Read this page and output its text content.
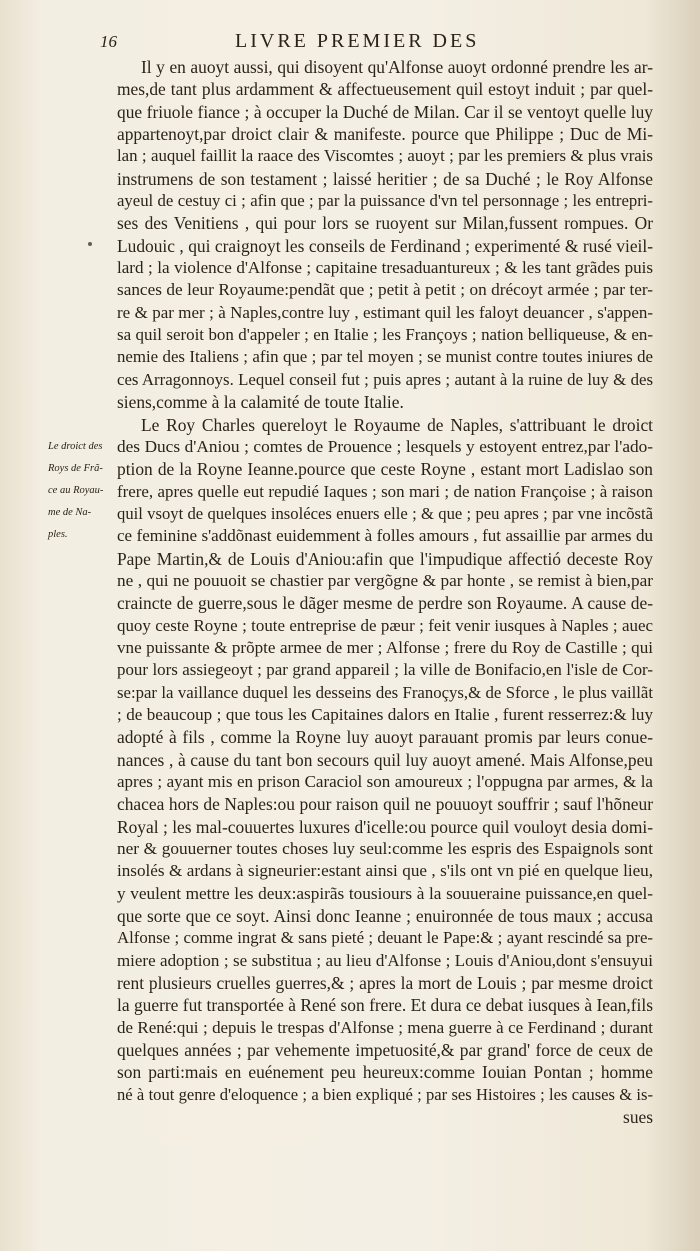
16	LIVRE PREMIER DES
Le droict des
Roys de Frã-
ce au Royau-
me de Na-
ples.
Il y en auoyt aussi, qui disoyent qu'Alfonse auoyt ordonné prendre les ar-
mes,de tant plus ardamment & affectueusement quil estoyt induit ; par quel-
que friuole fiance ; à occuper la Duché de Milan. Car il se ventoyt quelle luy
appartenoyt,par droict clair & manifeste. pource que Philippe ; Duc de Mi-
lan ; auquel faillit la raace des Viscomtes ; auoyt ; par les premiers & plus vrais
instrumens de son testament ; laissé heritier ; de sa Duché ; le Roy Alfonse
ayeul de cestuy ci ; afin que ; par la puissance d'vn tel personnage ; les entrepri-
ses des Venitiens , qui pour lors se ruoyent sur Milan,fussent rompues. Or
Ludouic , qui craignoyt les conseils de Ferdinand ; experimenté & rusé vieil-
lard ; la violence d'Alfonse ; capitaine tresaduantureux ; & les tant grãdes puis
sances de leur Royaume:pendãt que ; petit à petit ; on drécoyt armée ; par ter-
re & par mer ; à Naples,contre luy , estimant quil les faloyt deuancer , s'appen-
sa quil seroit bon d'appeler ; en Italie ; les Françoys ; nation belliqueuse, & en-
nemie des Italiens ; afin que ; par tel moyen ; se munist contre toutes iniures de
ces Arragonnoys. Lequel conseil fut ; puis apres ; autant à la ruine de luy & des
siens,comme à la calamité de toute Italie.
Le Roy Charles quereloyt le Royaume de Naples, s'attribuant le droict
des Ducs d'Aniou ; comtes de Prouence ; lesquels y estoyent entrez,par l'ado-
ption de la Royne Ieanne.pource que ceste Royne , estant mort Ladislao son
frere, apres quelle eut repudié Iaques ; son mari ; de nation Françoise ; à raison
quil vsoyt de quelques insoléces enuers elle ; & que ; peu apres ; par vne incõstã
ce feminine s'addõnast euidemment à folles amours , fut assaillie par armes du
Pape Martin,& de Louis d'Aniou:afin que l'impudique affectió deceste Roy
ne , qui ne pouuoit se chastier par vergõgne & par honte , se remist à bien,par
craincte de guerre,sous le dãger mesme de perdre son Royaume. A cause de-
quoy ceste Royne ; toute entreprise de pæur ; feit venir iusques à Naples ; auec
vne puissante & prõpte armee de mer ; Alfonse ; frere du Roy de Castille ; qui
pour lors assiegeoyt ; par grand appareil ; la ville de Bonifacio,en l'isle de Cor-
se:par la vaillance duquel les desseins des Franoçys,& de Sforce , le plus vaillãt
; de beaucoup ; que tous les Capitaines dalors en Italie , furent resserrez:& luy
adopté à fils , comme la Royne luy auoyt parauant promis par leurs conue-
nances , à cause du tant bon secours quil luy auoyt amené. Mais Alfonse,peu
apres ; ayant mis en prison Caraciol son amoureux ; l'oppugna par armes, & la
chacea hors de Naples:ou pour raison quil ne pouuoyt souffrir ; sauf l'hõneur
Royal ; les mal-couuertes luxures d'icelle:ou pource quil vouloyt desia domi-
ner & gouuerner toutes choses luy seul:comme les espris des Espaignols sont
insolés & ardans à signeurier:estant ainsi que , s'ils ont vn pié en quelque lieu,
y veulent mettre les deux:aspirãs tousiours à la souueraine puissance,en quel-
que sorte que ce soyt. Ainsi donc Ieanne ; enuironnée de tous maux ; accusa
Alfonse ; comme ingrat & sans pieté ; deuant le Pape:& ; ayant rescindé sa pre-
miere adoption ; se substitua ; au lieu d'Alfonse ; Louis d'Aniou,dont s'ensuyui
rent plusieurs cruelles guerres,& ; apres la mort de Louis ; par mesme droict
la guerre fut transportée à René son frere. Et dura ce debat iusques à Iean,fils
de René:qui ; depuis le trespas d'Alfonse ; mena guerre à ce Ferdinand ; durant
quelques années ; par vehemente impetuosité,& par grand' force de ceux de
son parti:mais en euénement peu heureux:comme Iouian Pontan ; homme
né à tout genre d'eloquence ; a bien expliqué ; par ses Histoires ; les causes & is-
sues
